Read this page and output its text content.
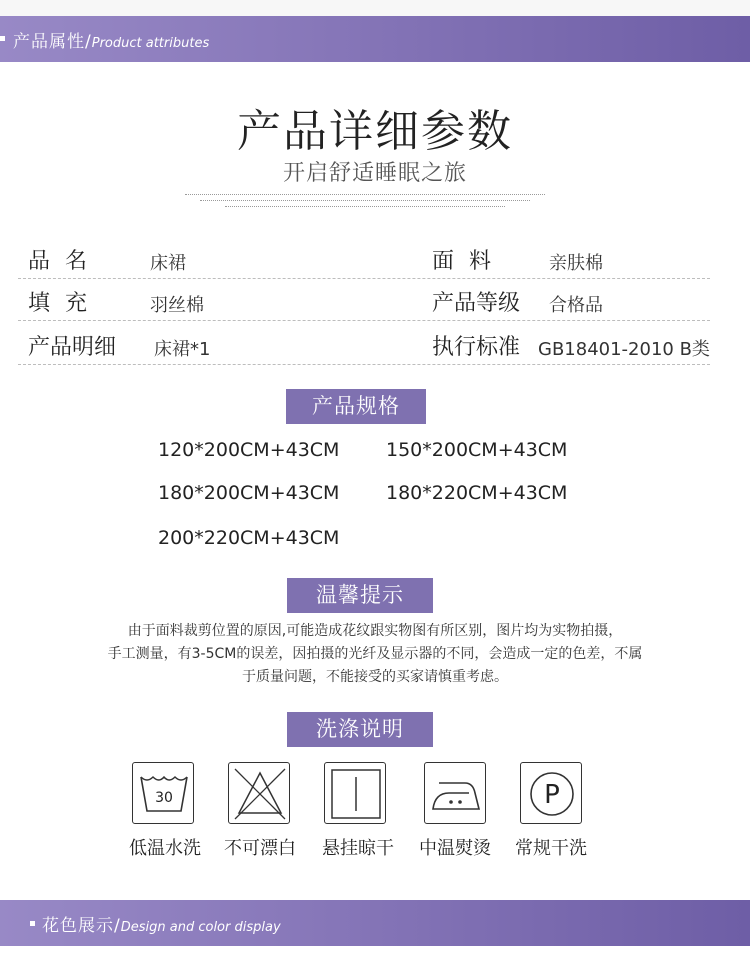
产品属性/Product attributes
产品详细参数
开启舒适睡眠之旅
品名	床裙	面料 亲肤棉
填充	羽丝棉	产品等级 合格品
产品明细 床裙*1	执行标准 GB18401-2010 B类
产品规格
120*200CM+43CM 150*200CM+43CM
180*200CM+43CM 180*220CM+43CM
200*220CM+43CM
温馨提示
由于面料裁剪位置的原因,可能造成花纹跟实物图有所区别，图片均为实物拍摄，
手工测量，有3-5CM的误差，因拍摄的光纤及显示器的不同，会造成一定的色差，不属
于质量问题，不能接受的买家请慎重考虑。
洗涤说明
30	P
低温水洗	不可漂白	悬挂晾干	中温熨烫	常规干洗
花色展示/Design and color display
